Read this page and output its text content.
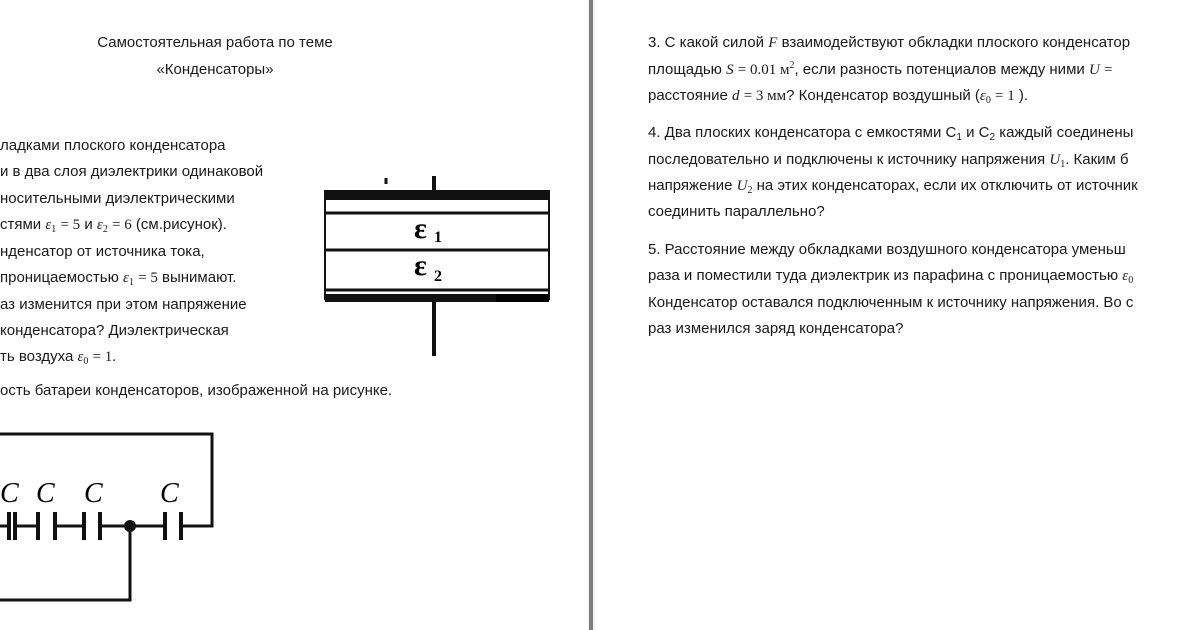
Самостоятельная работа по теме
«Конденсаторы»
ладками плоского конденсатора
и в два слоя диэлектрики одинаковой
носительными диэлектрическими
стями $\varepsilon_1 = 5$ и $\varepsilon_2 = 6$ (см.рисунок).
нденсатор от источника тока,
проницаемостью $\varepsilon_1 = 5$ вынимают.
аз изменится при этом напряжение
конденсатора? Диэлектрическая
ть воздуха $\varepsilon_0 = 1$.
ε 1
ε 2
ость батареи конденсаторов, изображенной на рисунке.
C C C C
3. С какой силой F взаимодействуют обкладки плоского конденсатор
площадью S = 0.01 $м^2$, если разность потенциалов между ними U =
расстояние d = 3 мм? Конденсатор воздушный ($\varepsilon_0 = 1$ ).
4. Два плоских конденсатора с емкостями $С_1$ и $С_2$ каждый соединены
последовательно и подключены к источнику напряжения $U_1$. Каким б
напряжение $U_2$ на этих конденсаторах, если их отключить от источник
соединить параллельно?
5. Расстояние между обкладками воздушного конденсатора уменьш
раза и поместили туда диэлектрик из парафина с проницаемостью $\varepsilon_0$
Конденсатор оставался подключенным к источнику напряжения. Во с
раз изменился заряд конденсатора?
